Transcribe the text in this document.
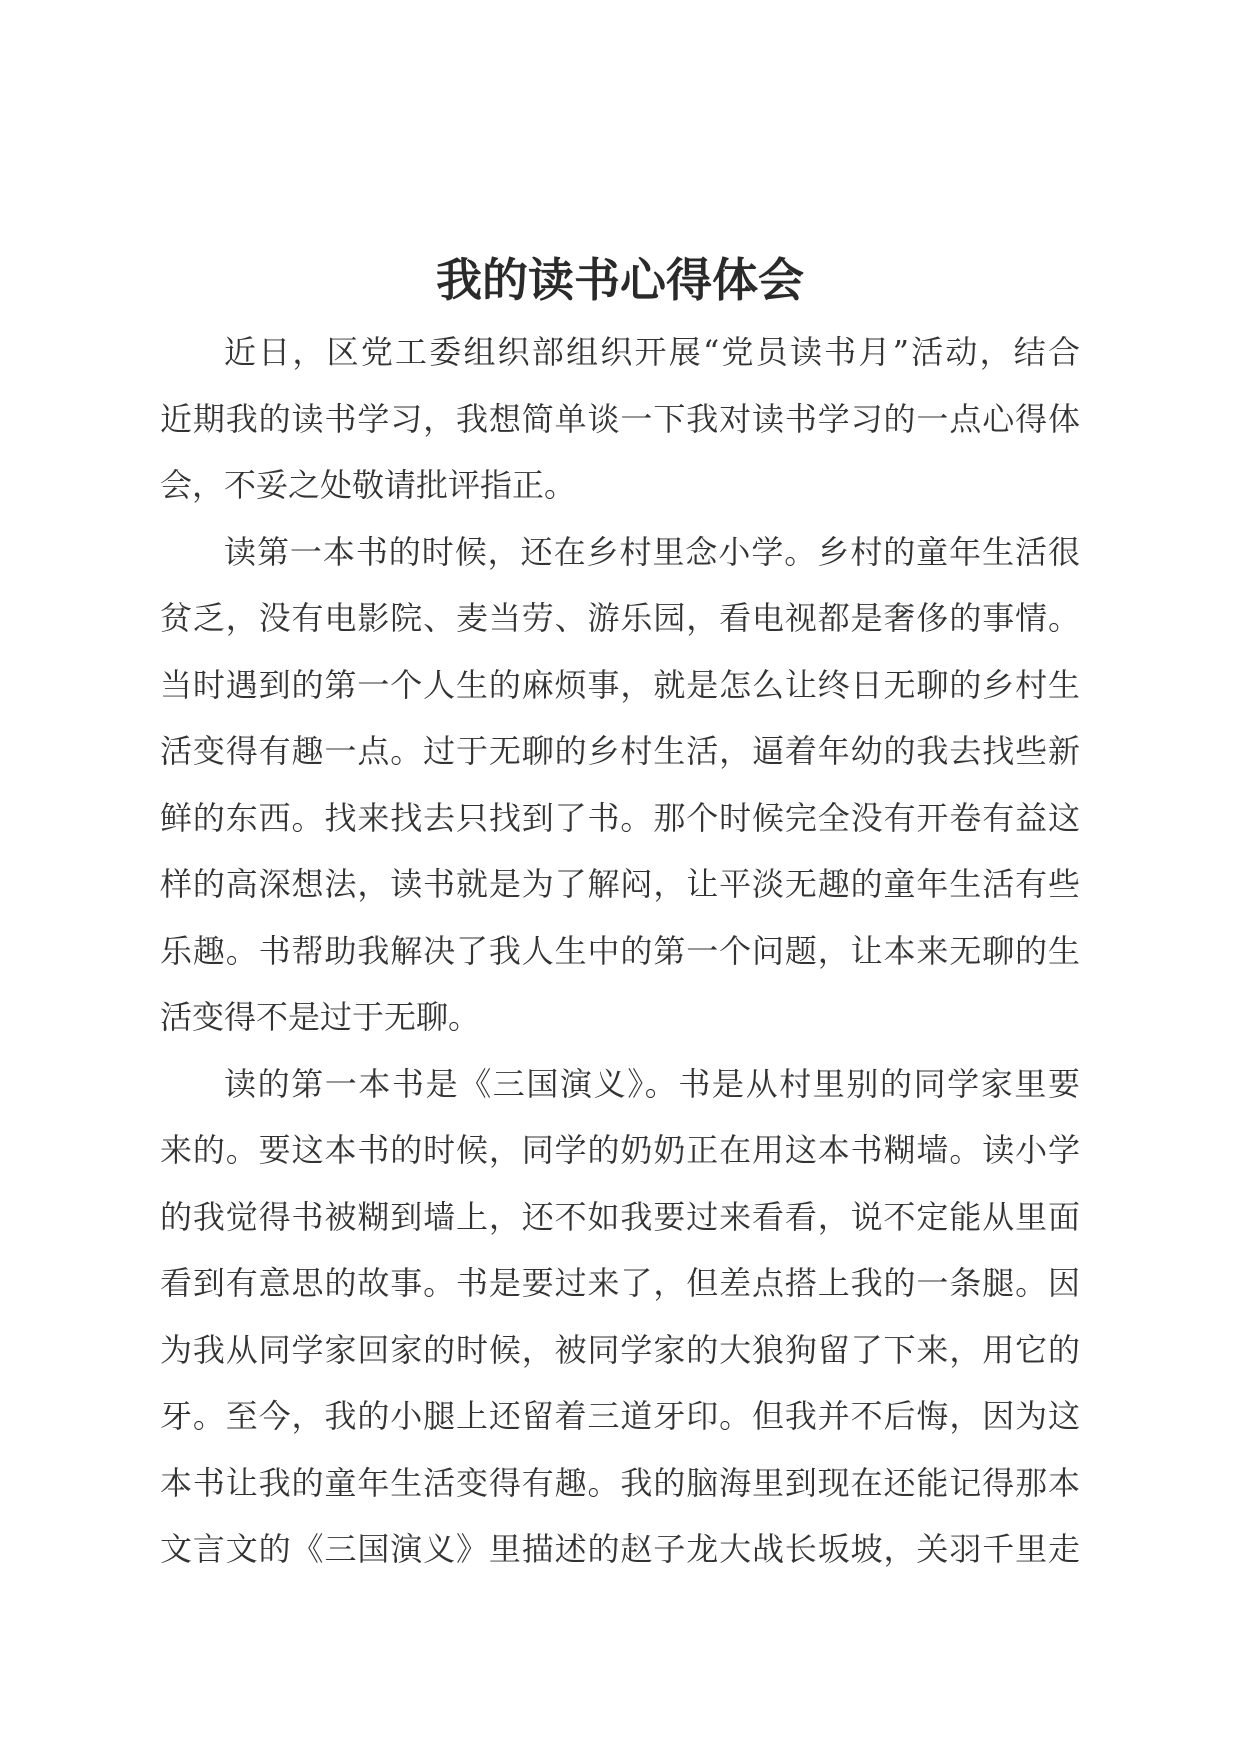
我的读书心得体会
近日，区党工委组织部组织开展“党员读书月”活动，结合
近期我的读书学习，我想简单谈一下我对读书学习的一点心得体
会，不妥之处敬请批评指正。
读第一本书的时候，还在乡村里念小学。乡村的童年生活很
贫乏，没有电影院、麦当劳、游乐园，看电视都是奢侈的事情。
当时遇到的第一个人生的麻烦事，就是怎么让终日无聊的乡村生
活变得有趣一点。过于无聊的乡村生活，逼着年幼的我去找些新
鲜的东西。找来找去只找到了书。那个时候完全没有开卷有益这
样的高深想法，读书就是为了解闷，让平淡无趣的童年生活有些
乐趣。书帮助我解决了我人生中的第一个问题，让本来无聊的生
活变得不是过于无聊。
读的第一本书是《三国演义》。书是从村里别的同学家里要
来的。要这本书的时候，同学的奶奶正在用这本书糊墙。读小学
的我觉得书被糊到墙上，还不如我要过来看看，说不定能从里面
看到有意思的故事。书是要过来了，但差点搭上我的一条腿。因
为我从同学家回家的时候，被同学家的大狼狗留了下来，用它的
牙。至今，我的小腿上还留着三道牙印。但我并不后悔，因为这
本书让我的童年生活变得有趣。我的脑海里到现在还能记得那本
文言文的《三国演义》里描述的赵子龙大战长坂坡，关羽千里走
